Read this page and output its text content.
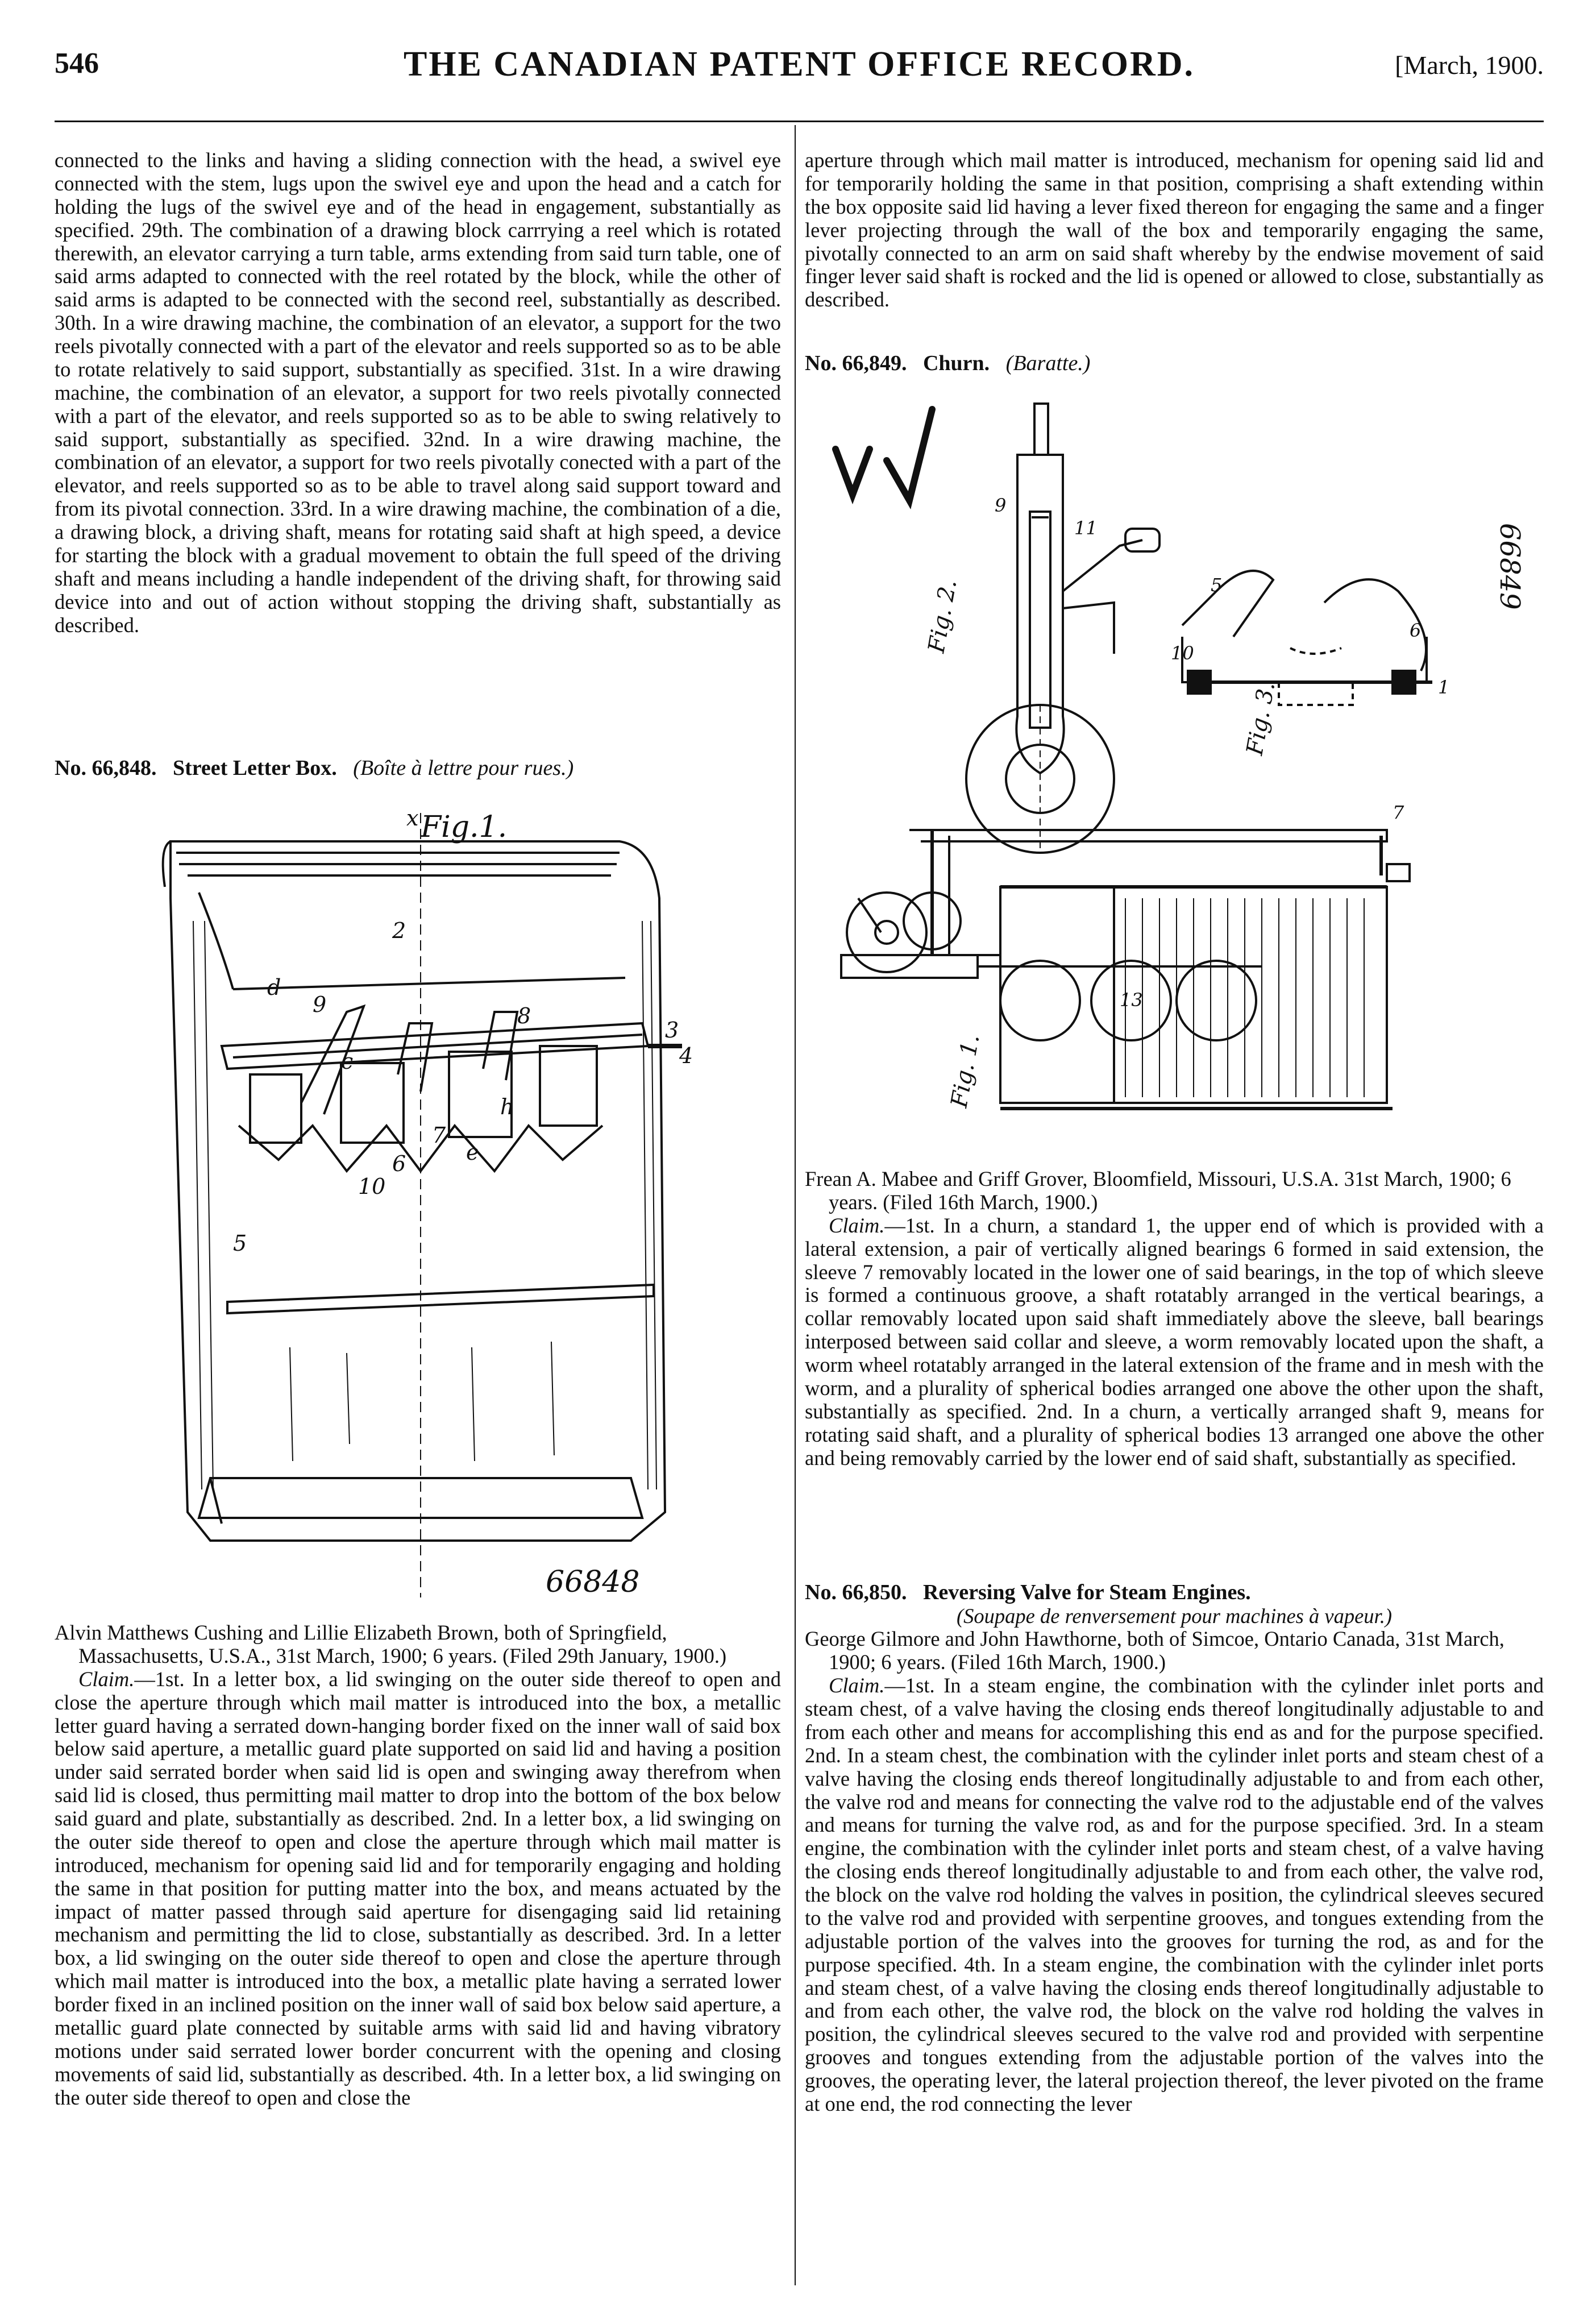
546	THE CANADIAN PATENT OFFICE RECORD.	[March, 1900.

connected to the links and having a sliding connection with the head, a swivel eye connected with the stem, lugs upon the swivel eye and upon the head and a catch for holding the lugs of the swivel eye and of the head in engagement, substantially as specified. 29th. The combination of a drawing block carrrying a reel which is rotated therewith, an elevator carrying a turn table, arms extending from said turn table, one of said arms adapted to connected with the reel rotated by the block, while the other of said arms is adapted to be connected with the second reel, substantially as described. 30th. In a wire drawing machine, the combination of an elevator, a support for the two reels pivotally connected with a part of the elevator and reels supported so as to be able to rotate relatively to said support, substantially as specified. 31st. In a wire drawing machine, the combination of an elevator, a support for two reels pivotally connected with a part of the elevator, and reels supported so as to be able to swing relatively to said support, substantially as specified. 32nd. In a wire drawing machine, the combination of an elevator, a support for two reels pivotally conected with a part of the elevator, and reels supported so as to be able to travel along said support toward and from its pivotal connection. 33rd. In a wire drawing machine, the combination of a die, a drawing block, a driving shaft, means for rotating said shaft at high speed, a device for starting the block with a gradual movement to obtain the full speed of the driving shaft and means including a handle independent of the driving shaft, for throwing said device into and out of action without stopping the driving shaft, substantially as described.

No. 66,848. Street Letter Box. (Boîte à lettre pour rues.)

Fig.1.
66848
x
2
3
4
5
6
7
8
9
10
c
d
e
h

Alvin Matthews Cushing and Lillie Elizabeth Brown, both of Springfield, Massachusetts, U.S.A., 31st March, 1900; 6 years. (Filed 29th January, 1900.)

Claim.—1st. In a letter box, a lid swinging on the outer side thereof to open and close the aperture through which mail matter is introduced into the box, a metallic letter guard having a serrated down-hanging border fixed on the inner wall of said box below said aperture, a metallic guard plate supported on said lid and having a position under said serrated border when said lid is open and swinging away therefrom when said lid is closed, thus permitting mail matter to drop into the bottom of the box below said guard and plate, substantially as described. 2nd. In a letter box, a lid swinging on the outer side thereof to open and close the aperture through which mail matter is introduced, mechanism for opening said lid and for temporarily engaging and holding the same in that position for putting matter into the box, and means actuated by the impact of matter passed through said aperture for disengaging said lid retaining mechanism and permitting the lid to close, substantially as described. 3rd. In a letter box, a lid swinging on the outer side thereof to open and close the aperture through which mail matter is introduced into the box, a metallic plate having a serrated lower border fixed in an inclined position on the inner wall of said box below said aperture, a metallic guard plate connected by suitable arms with said lid and having vibratory motions under said serrated lower border concurrent with the opening and closing movements of said lid, substantially as described. 4th. In a letter box, a lid swinging on the outer side thereof to open and close the

aperture through which mail matter is introduced, mechanism for opening said lid and for temporarily holding the same in that position, comprising a shaft extending within the box opposite said lid having a lever fixed thereon for engaging the same and a finger lever projecting through the wall of the box and temporarily engaging the same, pivotally connected to an arm on said shaft whereby by the endwise movement of said finger lever said shaft is rocked and the lid is opened or allowed to close, substantially as described.

No. 66,849. Churn. (Baratte.)

Fig. 2.
Fig. 3.
Fig. 1.
66849
1
5
6
7
9
10
11
13

Frean A. Mabee and Griff Grover, Bloomfield, Missouri, U.S.A. 31st March, 1900; 6 years. (Filed 16th March, 1900.)

Claim.—1st. In a churn, a standard 1, the upper end of which is provided with a lateral extension, a pair of vertically aligned bearings 6 formed in said extension, the sleeve 7 removably located in the lower one of said bearings, in the top of which sleeve is formed a continuous groove, a shaft rotatably arranged in the vertical bearings, a collar removably located upon said shaft immediately above the sleeve, ball bearings interposed between said collar and sleeve, a worm removably located upon the shaft, a worm wheel rotatably arranged in the lateral extension of the frame and in mesh with the worm, and a plurality of spherical bodies arranged one above the other upon the shaft, substantially as specified. 2nd. In a churn, a vertically arranged shaft 9, means for rotating said shaft, and a plurality of spherical bodies 13 arranged one above the other and being removably carried by the lower end of said shaft, substantially as specified.

No. 66,850. Reversing Valve for Steam Engines.

(Soupape de renversement pour machines à vapeur.)

George Gilmore and John Hawthorne, both of Simcoe, Ontario Canada, 31st March, 1900; 6 years. (Filed 16th March, 1900.)

Claim.—1st. In a steam engine, the combination with the cylinder inlet ports and steam chest, of a valve having the closing ends thereof longitudinally adjustable to and from each other and means for accomplishing this end as and for the purpose specified. 2nd. In a steam chest, the combination with the cylinder inlet ports and steam chest of a valve having the closing ends thereof longitudinally adjustable to and from each other, the valve rod and means for connecting the valve rod to the adjustable end of the valves and means for turning the valve rod, as and for the purpose specified. 3rd. In a steam engine, the combination with the cylinder inlet ports and steam chest, of a valve having the closing ends thereof longitudinally adjustable to and from each other, the valve rod, the block on the valve rod holding the valves in position, the cylindrical sleeves secured to the valve rod and provided with serpentine grooves, and tongues extending from the adjustable portion of the valves into the grooves for turning the rod, as and for the purpose specified. 4th. In a steam engine, the combination with the cylinder inlet ports and steam chest, of a valve having the closing ends thereof longitudinally adjustable to and from each other, the valve rod, the block on the valve rod holding the valves in position, the cylindrical sleeves secured to the valve rod and provided with serpentine grooves and tongues extending from the adjustable portion of the valves into the grooves, the operating lever, the lateral projection thereof, the lever pivoted on the frame at one end, the rod connecting the lever
